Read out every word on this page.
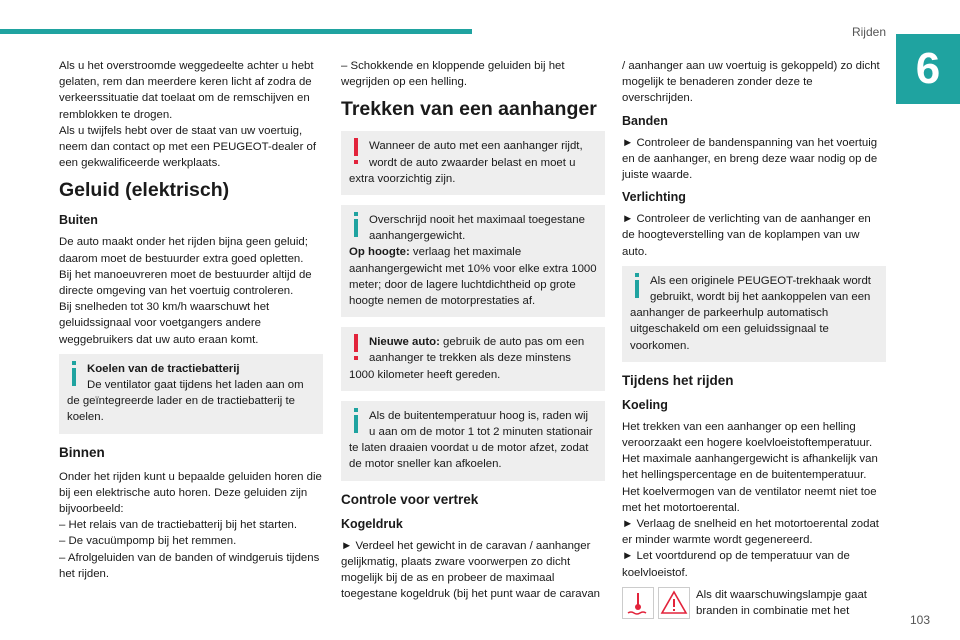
Rijden
6

Als u het overstroomde weggedeelte achter u hebt gelaten, rem dan meerdere keren licht af zodra de verkeerssituatie dat toelaat om de remschijven en remblokken te drogen.
Als u twijfels hebt over de staat van uw voertuig, neem dan contact op met een PEUGEOT-dealer of een gekwalificeerde werkplaats.

Geluid (elektrisch)
Buiten

De auto maakt onder het rijden bijna geen geluid; daarom moet de bestuurder extra goed opletten.
Bij het manoeuvreren moet de bestuurder altijd de directe omgeving van het voertuig controleren.
Bij snelheden tot 30 km/h waarschuwt het geluidssignaal voor voetgangers andere weggebruikers dat uw auto eraan komt.

Koelen van de tractiebatterij
De ventilator gaat tijdens het laden aan om de geïntegreerde lader en de tractiebatterij te koelen.
Binnen

Onder het rijden kunt u bepaalde geluiden horen die bij een elektrische auto horen. Deze geluiden zijn bijvoorbeeld:
– Het relais van de tractiebatterij bij het starten.
– De vacuümpomp bij het remmen.
– Afrolgeluiden van de banden of windgeruis tijdens het rijden.

– Schokkende en kloppende geluiden bij het wegrijden op een helling.

Trekken van een aanhanger
Wanneer de auto met een aanhanger rijdt, wordt de auto zwaarder belast en moet u extra voorzichtig zijn.
Overschrijd nooit het maximaal toegestane aanhangergewicht.
Op hoogte: verlaag het maximale aanhangergewicht met 10% voor elke extra 1000 meter; door de lagere luchtdichtheid op grote hoogte nemen de motorprestaties af.
Nieuwe auto: gebruik de auto pas om een aanhanger te trekken als deze minstens 1000 kilometer heeft gereden.
Als de buitentemperatuur hoog is, raden wij u aan om de motor 1 tot 2 minuten stationair te laten draaien voordat u de motor afzet, zodat de motor sneller kan afkoelen.
Controle voor vertrek
Kogeldruk

► Verdeel het gewicht in de caravan / aanhanger gelijkmatig, plaats zware voorwerpen zo dicht mogelijk bij de as en probeer de maximaal toegestane kogeldruk (bij het punt waar de caravan

/ aanhanger aan uw voertuig is gekoppeld) zo dicht mogelijk te benaderen zonder deze te overschrijden.

Banden

► Controleer de bandenspanning van het voertuig en de aanhanger, en breng deze waar nodig op de juiste waarde.

Verlichting

► Controleer de verlichting van de aanhanger en de hoogteverstelling van de koplampen van uw auto.

Als een originele PEUGEOT-trekhaak wordt gebruikt, wordt bij het aankoppelen van een aanhanger de parkeerhulp automatisch uitgeschakeld om een geluidssignaal te voorkomen.
Tijdens het rijden
Koeling

Het trekken van een aanhanger op een helling veroorzaakt een hogere koelvloeistoftemperatuur.
Het maximale aanhangergewicht is afhankelijk van het hellingspercentage en de buitentemperatuur. Het koelvermogen van de ventilator neemt niet toe met het motortoerental.
► Verlaag de snelheid en het motortoerental zodat er minder warmte wordt gegenereerd.
► Let voortdurend op de temperatuur van de koelvloeistof.

Als dit waarschuwingslampje gaat branden in combinatie met het
103
